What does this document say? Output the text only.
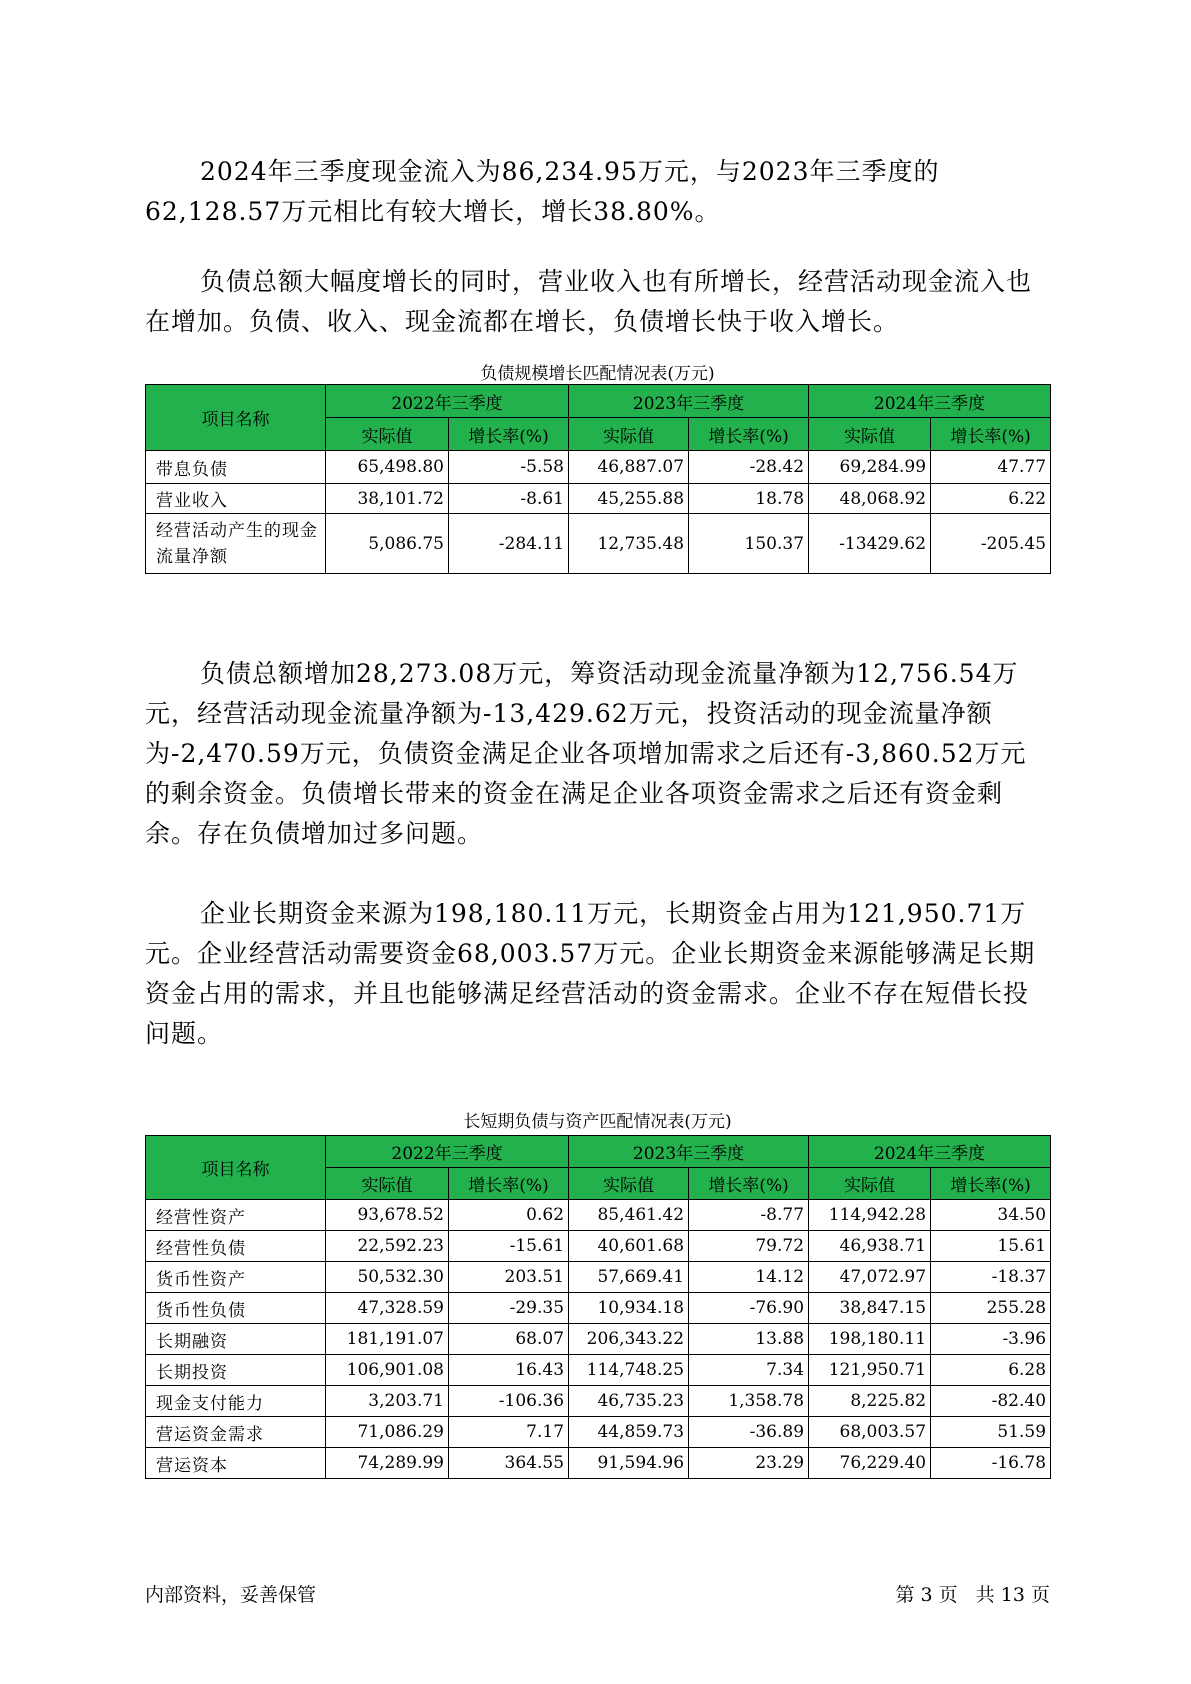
2024年三季度现金流入为86,234.95万元，与2023年三季度的62,128.57万元相比有较大增长，增长38.80%。

负债总额大幅度增长的同时，营业收入也有所增长，经营活动现金流入也在增加。负债、收入、现金流都在增长，负债增长快于收入增长。

负债规模增长匹配情况表(万元)

项目名称	2022年三季度		2023年三季度		2024年三季度	
	实际值	增长率(%)	实际值	增长率(%)	实际值	增长率(%)
带息负债	65,498.80	-5.58	46,887.07	-28.42	69,284.99	47.77
营业收入	38,101.72	-8.61	45,255.88	18.78	48,068.92	6.22
经营活动产生的现金流量净额	5,086.75	-284.11	12,735.48	150.37	-13429.62	-205.45

负债总额增加28,273.08万元，筹资活动现金流量净额为12,756.54万元，经营活动现金流量净额为-13,429.62万元，投资活动的现金流量净额为-2,470.59万元，负债资金满足企业各项增加需求之后还有-3,860.52万元的剩余资金。负债增长带来的资金在满足企业各项资金需求之后还有资金剩余。存在负债增加过多问题。

企业长期资金来源为198,180.11万元，长期资金占用为121,950.71万元。企业经营活动需要资金68,003.57万元。企业长期资金来源能够满足长期资金占用的需求，并且也能够满足经营活动的资金需求。企业不存在短借长投问题。

长短期负债与资产匹配情况表(万元)

项目名称	2022年三季度		2023年三季度		2024年三季度	
	实际值	增长率(%)	实际值	增长率(%)	实际值	增长率(%)
经营性资产	93,678.52	0.62	85,461.42	-8.77	114,942.28	34.50
经营性负债	22,592.23	-15.61	40,601.68	79.72	46,938.71	15.61
货币性资产	50,532.30	203.51	57,669.41	14.12	47,072.97	-18.37
货币性负债	47,328.59	-29.35	10,934.18	-76.90	38,847.15	255.28
长期融资	181,191.07	68.07	206,343.22	13.88	198,180.11	-3.96
长期投资	106,901.08	16.43	114,748.25	7.34	121,950.71	6.28
现金支付能力	3,203.71	-106.36	46,735.23	1,358.78	8,225.82	-82.40
营运资金需求	71,086.29	7.17	44,859.73	-36.89	68,003.57	51.59
营运资本	74,289.99	364.55	91,594.96	23.29	76,229.40	-16.78

内部资料，妥善保管	第 3 页   共 13 页
